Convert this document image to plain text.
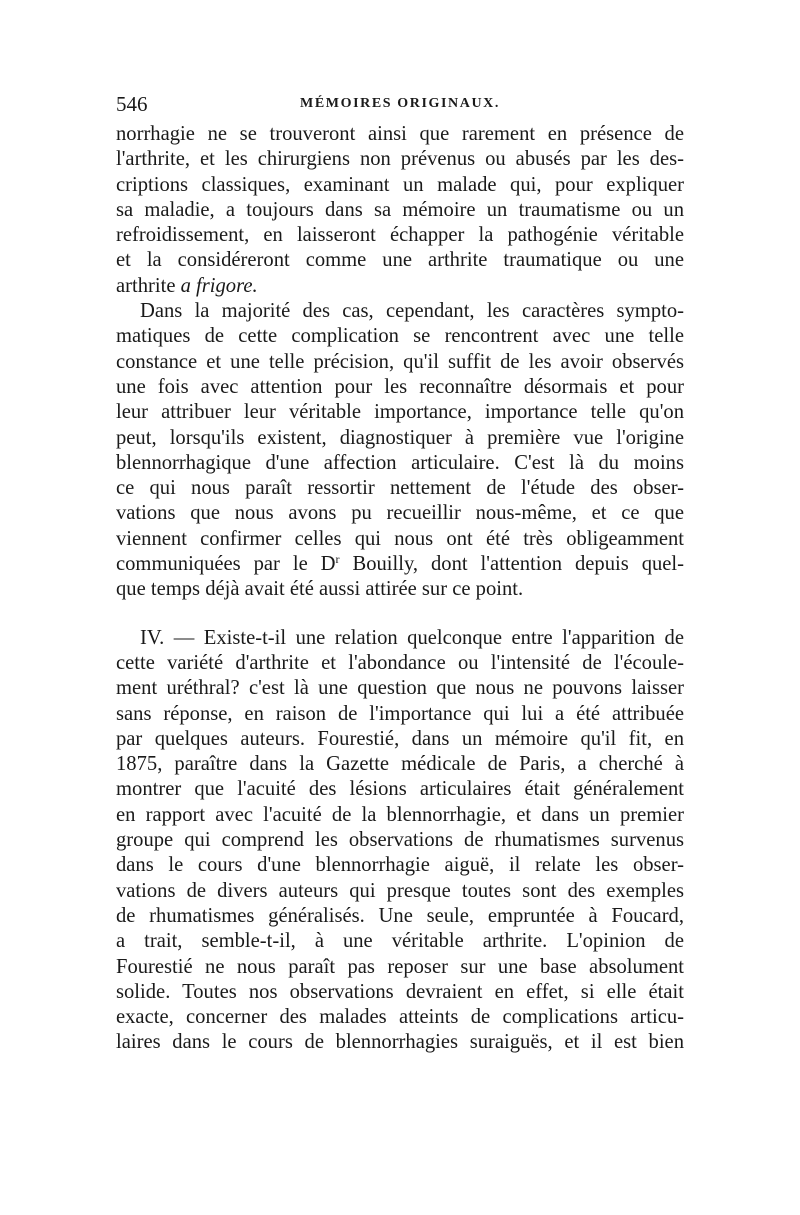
546	MÉMOIRES ORIGINAUX.
norrhagie ne se trouveront ainsi que rarement en présence de
l'arthrite, et les chirurgiens non prévenus ou abusés par les des-
criptions classiques, examinant un malade qui, pour expliquer
sa maladie, a toujours dans sa mémoire un traumatisme ou un
refroidissement, en laisseront échapper la pathogénie véritable
et la considéreront comme une arthrite traumatique ou une
arthrite a frigore.
Dans la majorité des cas, cependant, les caractères sympto-
matiques de cette complication se rencontrent avec une telle
constance et une telle précision, qu'il suffit de les avoir observés
une fois avec attention pour les reconnaître désormais et pour
leur attribuer leur véritable importance, importance telle qu'on
peut, lorsqu'ils existent, diagnostiquer à première vue l'origine
blennorrhagique d'une affection articulaire. C'est là du moins
ce qui nous paraît ressortir nettement de l'étude des obser-
vations que nous avons pu recueillir nous-même, et ce que
viennent confirmer celles qui nous ont été très obligeamment
communiquées par le $D^r$ Bouilly, dont l'attention depuis quel-
que temps déjà avait été aussi attirée sur ce point.
IV. — Existe-t-il une relation quelconque entre l'apparition de
cette variété d'arthrite et l'abondance ou l'intensité de l'écoule-
ment uréthral? c'est là une question que nous ne pouvons laisser
sans réponse, en raison de l'importance qui lui a été attribuée
par quelques auteurs. Fourestié, dans un mémoire qu'il fit, en
1875, paraître dans la Gazette médicale de Paris, a cherché à
montrer que l'acuité des lésions articulaires était généralement
en rapport avec l'acuité de la blennorrhagie, et dans un premier
groupe qui comprend les observations de rhumatismes survenus
dans le cours d'une blennorrhagie aiguë, il relate les obser-
vations de divers auteurs qui presque toutes sont des exemples
de rhumatismes généralisés. Une seule, empruntée à Foucard,
a trait, semble-t-il, à une véritable arthrite. L'opinion de
Fourestié ne nous paraît pas reposer sur une base absolument
solide. Toutes nos observations devraient en effet, si elle était
exacte, concerner des malades atteints de complications articu-
laires dans le cours de blennorrhagies suraiguës, et il est bien
